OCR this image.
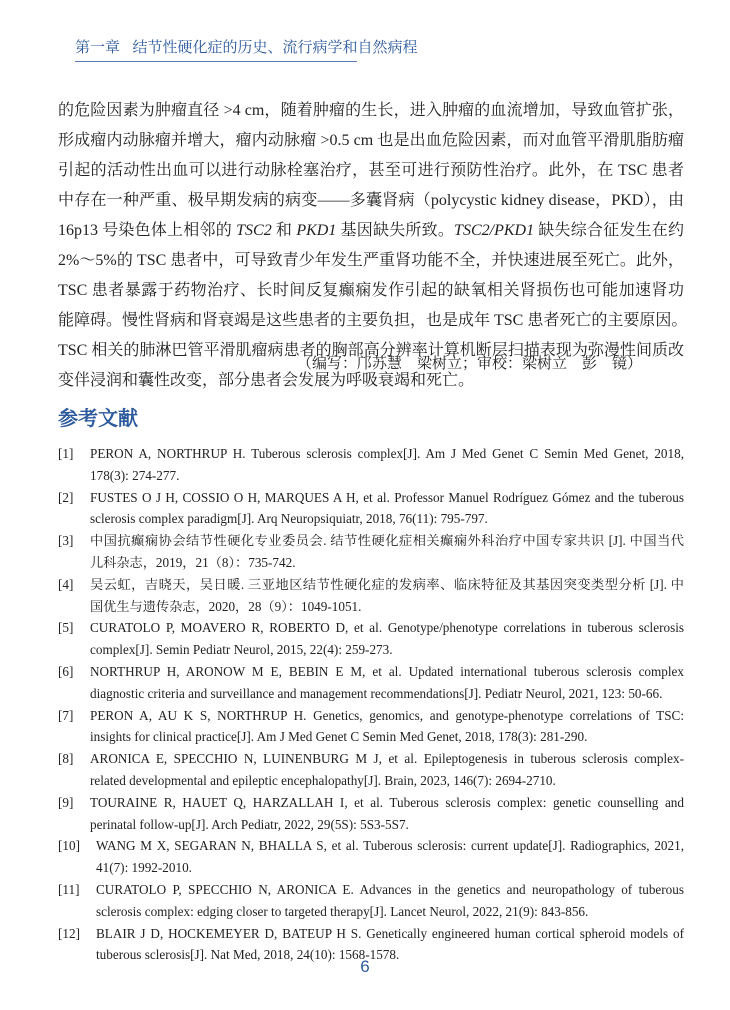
第一章 结节性硬化症的历史、流行病学和自然病程
的危险因素为肿瘤直径 >4 cm，随着肿瘤的生长，进入肿瘤的血流增加，导致血管扩张，
形成瘤内动脉瘤并增大，瘤内动脉瘤 >0.5 cm 也是出血危险因素，而对血管平滑肌脂肪瘤
引起的活动性出血可以进行动脉栓塞治疗，甚至可进行预防性治疗。此外，在 TSC 患者
中存在一种严重、极早期发病的病变——多囊肾病（polycystic kidney disease，PKD），由
16p13 号染色体上相邻的 TSC2 和 PKD1 基因缺失所致。TSC2/PKD1 缺失综合征发生在约
2%～5%的 TSC 患者中，可导致青少年发生严重肾功能不全，并快速进展至死亡。此外，
TSC 患者暴露于药物治疗、长时间反复癫痫发作引起的缺氧相关肾损伤也可能加速肾功
能障碍。慢性肾病和肾衰竭是这些患者的主要负担，也是成年 TSC 患者死亡的主要原因。
TSC 相关的肺淋巴管平滑肌瘤病患者的胸部高分辨率计算机断层扫描表现为弥漫性间质改
变伴浸润和囊性改变，部分患者会发展为呼吸衰竭和死亡。
（编写：邝苏慧　梁树立；审校：梁树立　彭　镜）
参考文献
[1] PERON A, NORTHRUP H. Tuberous sclerosis complex[J]. Am J Med Genet C Semin Med Genet, 2018,
178(3): 274-277.
[2] FUSTES O J H, COSSIO O H, MARQUES A H, et al. Professor Manuel Rodríguez Gómez and the tuberous
sclerosis complex paradigm[J]. Arq Neuropsiquiatr, 2018, 76(11): 795-797.
[3] 中国抗癫痫协会结节性硬化专业委员会. 结节性硬化症相关癫痫外科治疗中国专家共识 [J]. 中国当代
儿科杂志，2019，21（8）：735-742.
[4] 吴云虹，吉晓天，吴日暖. 三亚地区结节性硬化症的发病率、临床特征及其基因突变类型分析 [J]. 中
国优生与遗传杂志，2020，28（9）：1049-1051.
[5] CURATOLO P, MOAVERO R, ROBERTO D, et al. Genotype/phenotype correlations in tuberous sclerosis
complex[J]. Semin Pediatr Neurol, 2015, 22(4): 259-273.
[6] NORTHRUP H, ARONOW M E, BEBIN E M, et al. Updated international tuberous sclerosis complex
diagnostic criteria and surveillance and management recommendations[J]. Pediatr Neurol, 2021, 123: 50-66.
[7] PERON A, AU K S, NORTHRUP H. Genetics, genomics, and genotype-phenotype correlations of TSC:
insights for clinical practice[J]. Am J Med Genet C Semin Med Genet, 2018, 178(3): 281-290.
[8] ARONICA E, SPECCHIO N, LUINENBURG M J, et al. Epileptogenesis in tuberous sclerosis complex-
related developmental and epileptic encephalopathy[J]. Brain, 2023, 146(7): 2694-2710.
[9] TOURAINE R, HAUET Q, HARZALLAH I, et al. Tuberous sclerosis complex: genetic counselling and
perinatal follow-up[J]. Arch Pediatr, 2022, 29(5S): 5S3-5S7.
[10] WANG M X, SEGARAN N, BHALLA S, et al. Tuberous sclerosis: current update[J]. Radiographics, 2021,
41(7): 1992-2010.
[11] CURATOLO P, SPECCHIO N, ARONICA E. Advances in the genetics and neuropathology of tuberous
sclerosis complex: edging closer to targeted therapy[J]. Lancet Neurol, 2022, 21(9): 843-856.
[12] BLAIR J D, HOCKEMEYER D, BATEUP H S. Genetically engineered human cortical spheroid models of
tuberous sclerosis[J]. Nat Med, 2018, 24(10): 1568-1578.
6
